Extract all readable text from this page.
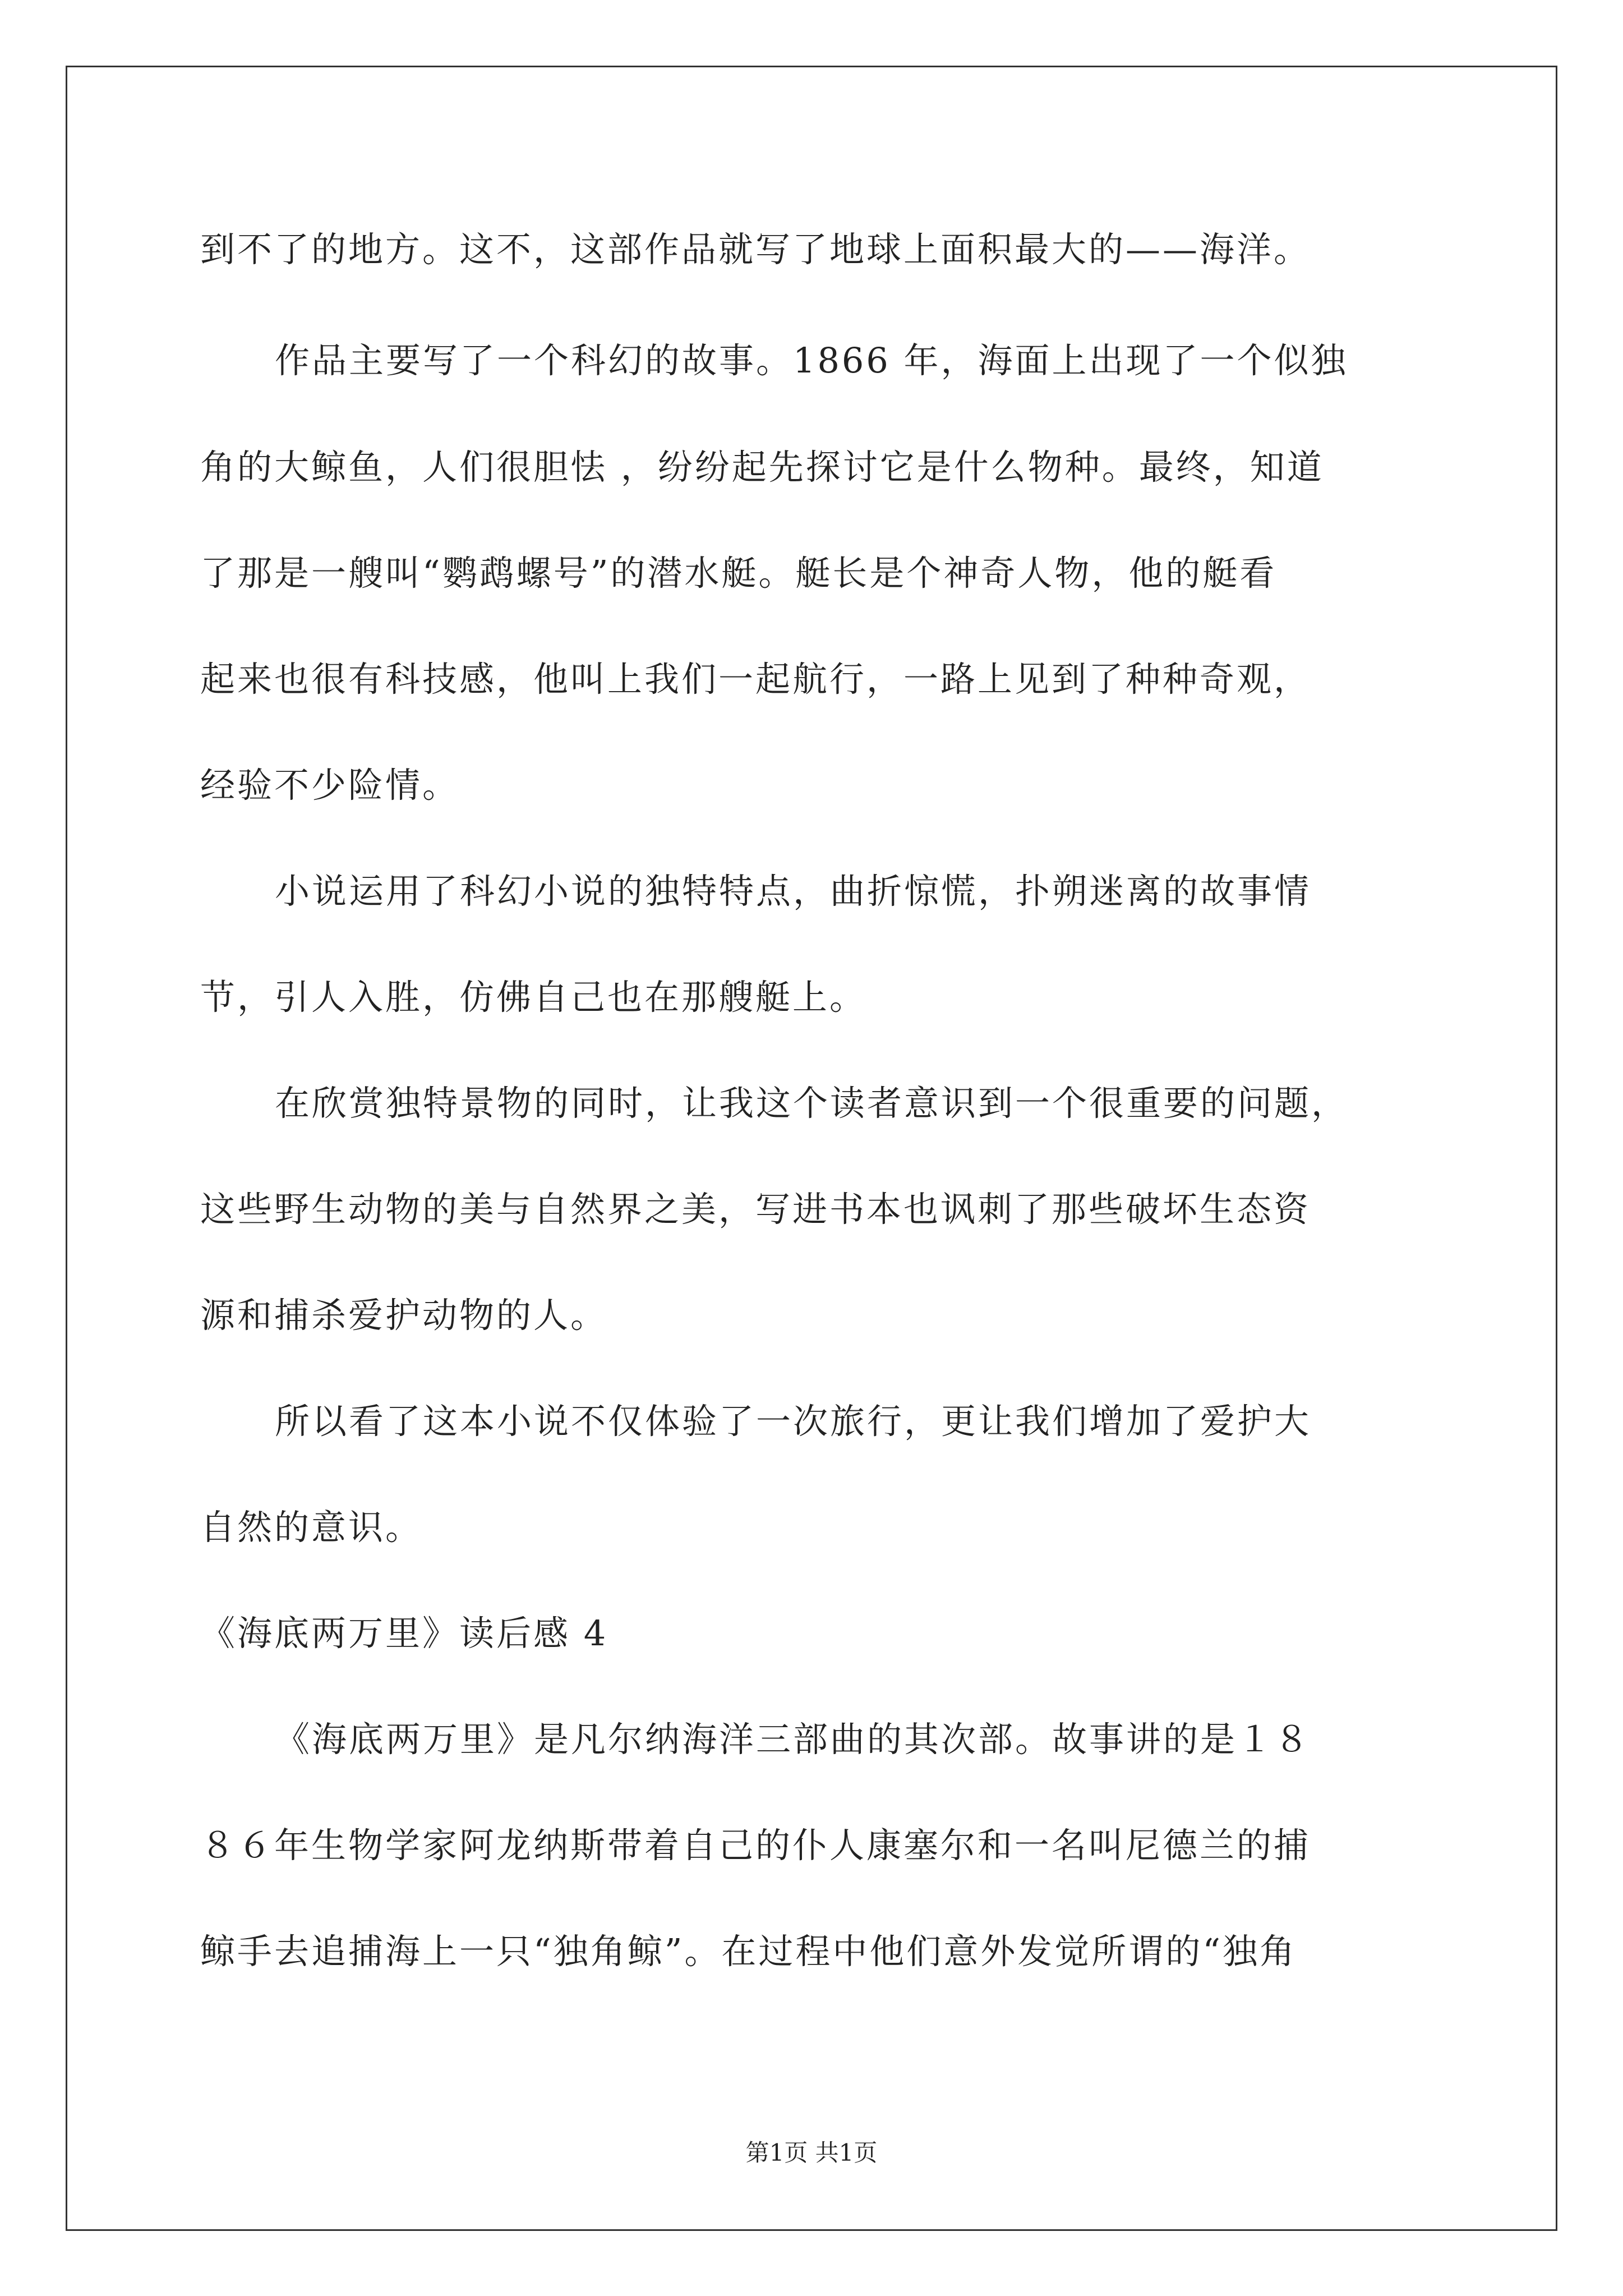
到不了的地方。这不，这部作品就写了地球上面积最大的——海洋。
作品主要写了一个科幻的故事。1866 年，海面上出现了一个似独
角的大鲸鱼，人们很胆怯 ，纷纷起先探讨它是什么物种。最终，知道
了那是一艘叫“鹦鹉螺号”的潜水艇。艇长是个神奇人物，他的艇看
起来也很有科技感，他叫上我们一起航行，一路上见到了种种奇观，
经验不少险情。
小说运用了科幻小说的独特特点，曲折惊慌，扑朔迷离的故事情
节，引人入胜，仿佛自己也在那艘艇上。
在欣赏独特景物的同时，让我这个读者意识到一个很重要的问题，
这些野生动物的美与自然界之美，写进书本也讽刺了那些破坏生态资
源和捕杀爱护动物的人。
所以看了这本小说不仅体验了一次旅行，更让我们增加了爱护大
自然的意识。
《海底两万里》读后感 4
《海底两万里》是凡尔纳海洋三部曲的其次部。故事讲的是１８
８６年生物学家阿龙纳斯带着自己的仆人康塞尔和一名叫尼德兰的捕
鲸手去追捕海上一只“独角鲸”。在过程中他们意外发觉所谓的“独角
第1页 共1页
